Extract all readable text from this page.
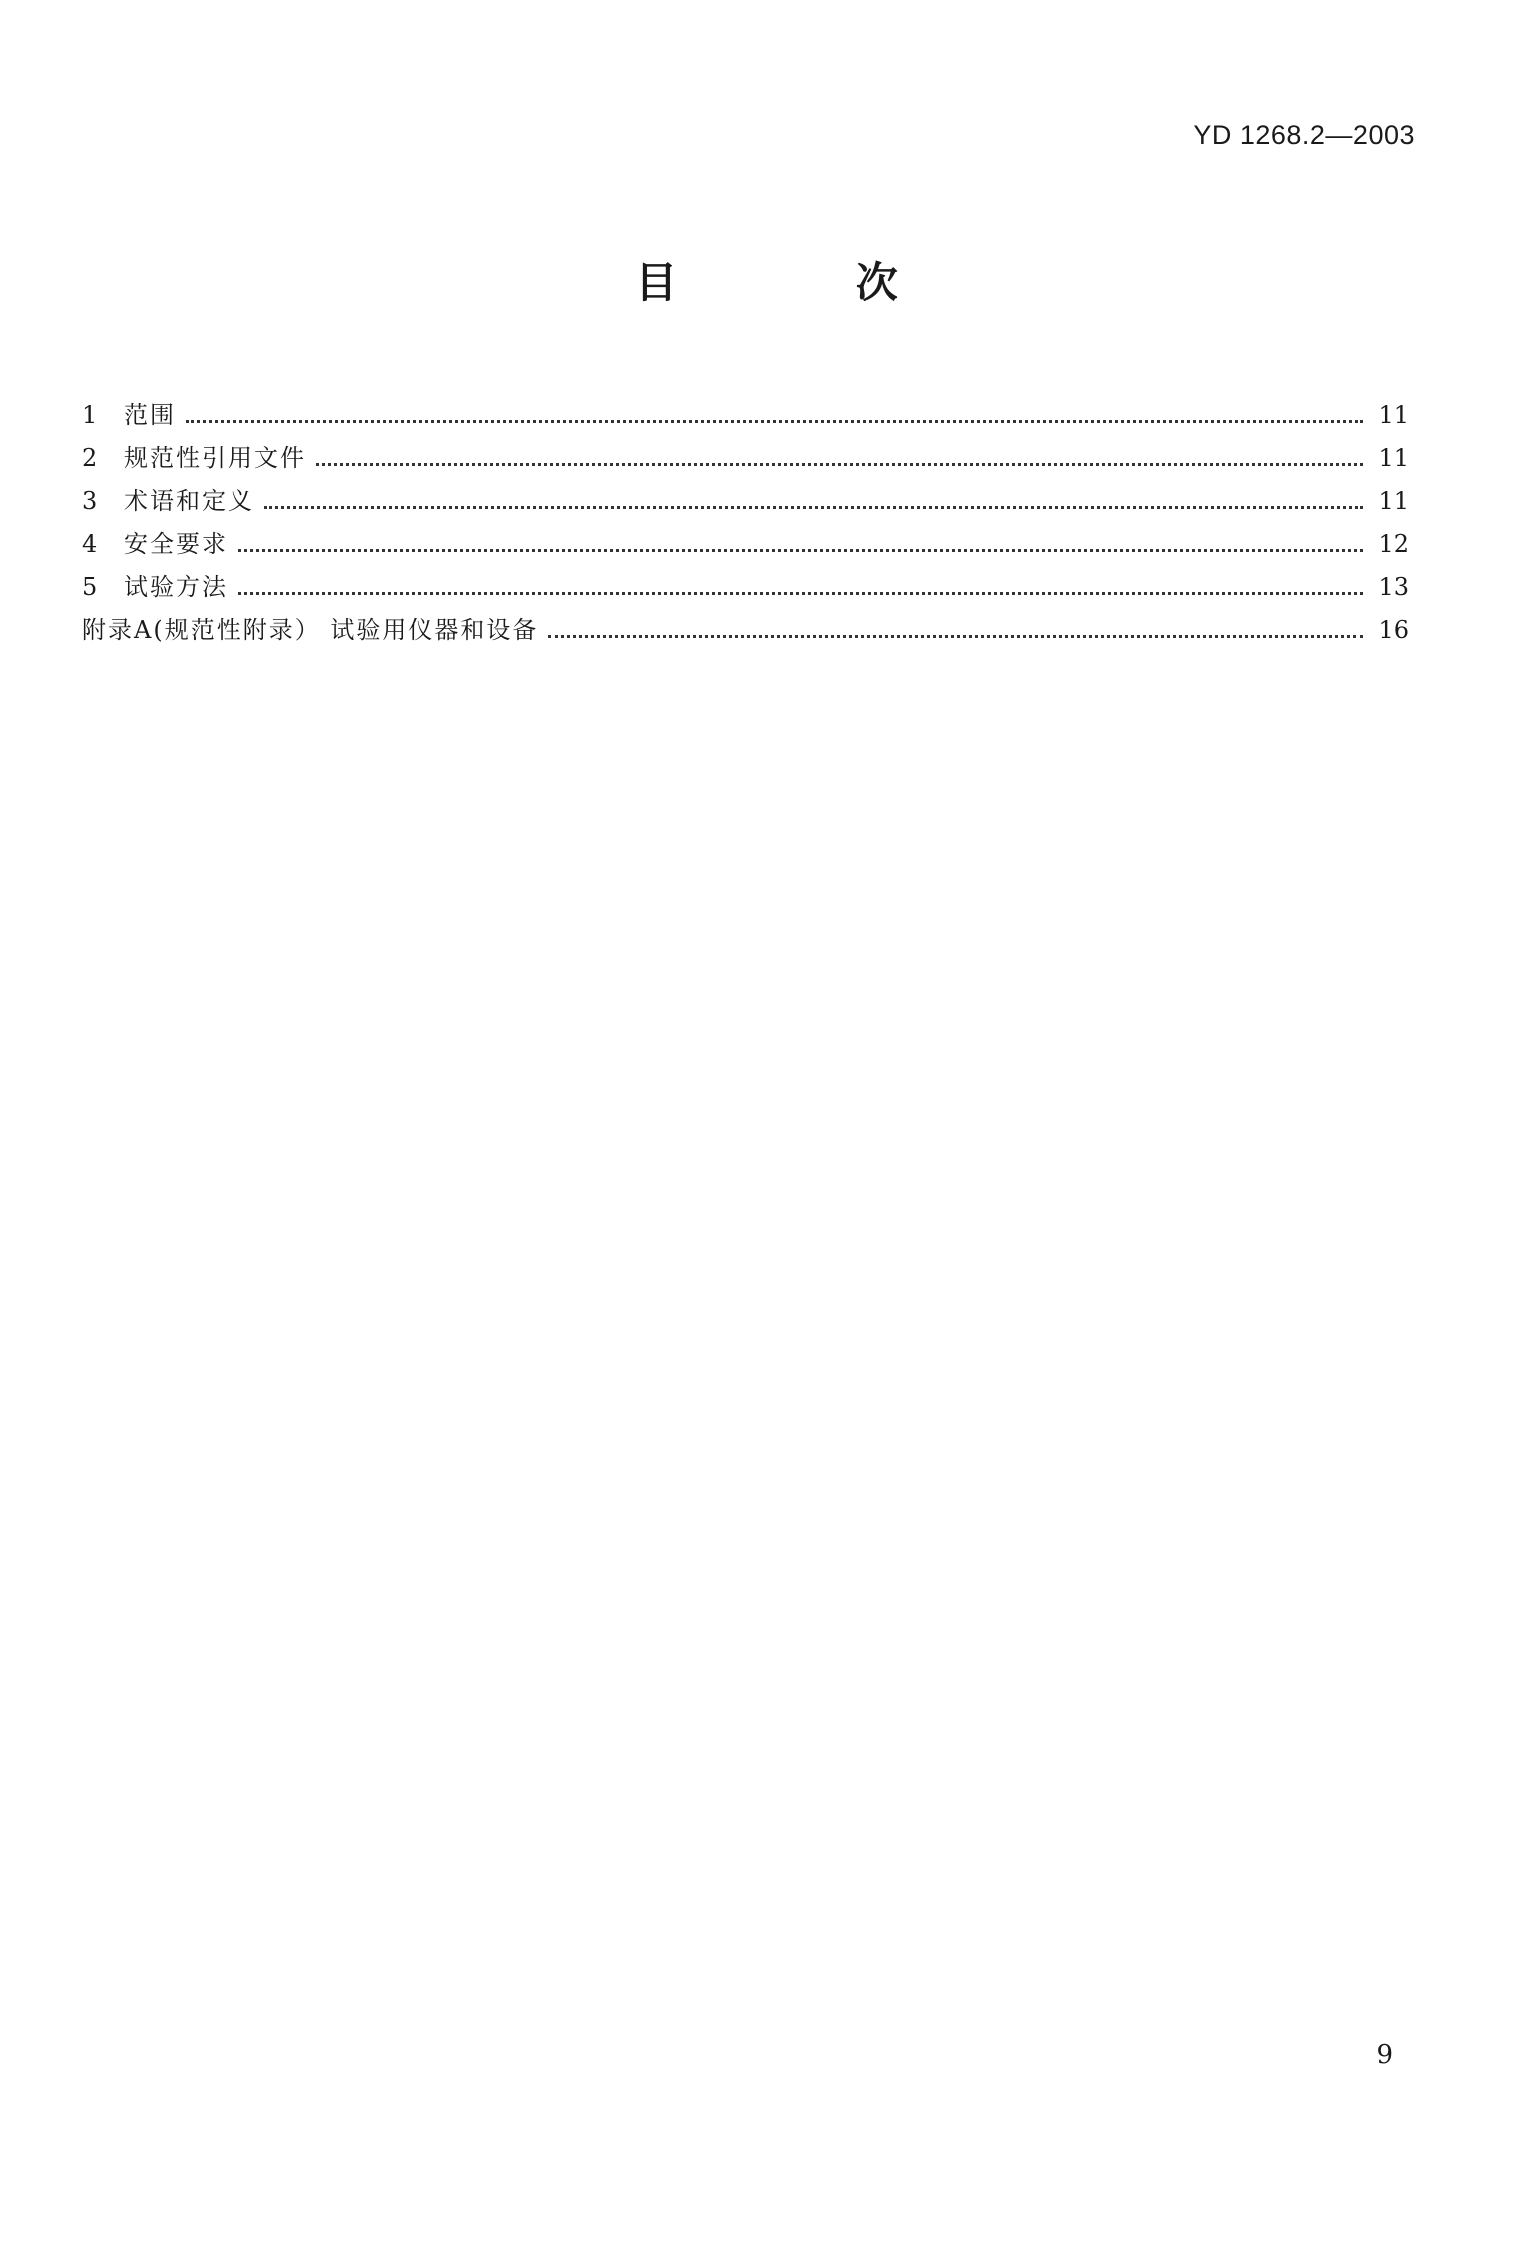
YD 1268.2—2003
目 次
1	范围	11
2	规范性引用文件	11
3	术语和定义	11
4	安全要求	12
5	试验方法	13
附录A(规范性附录） 试验用仪器和设备	16
9
